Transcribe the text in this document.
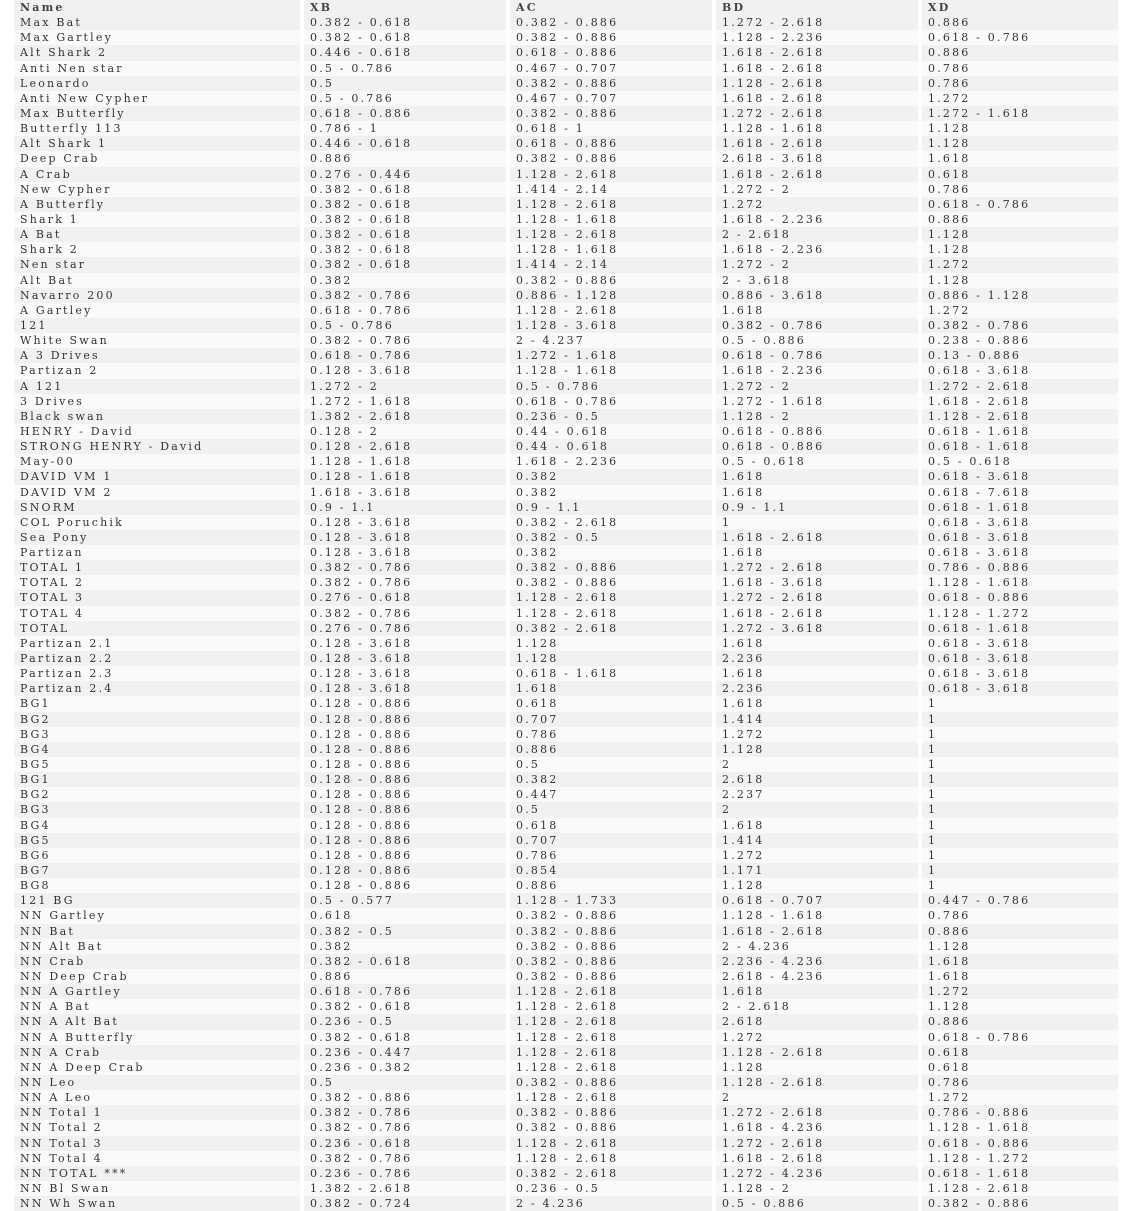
Name	XB	AC	BD	XD
Max Bat	0.382 - 0.618	0.382 - 0.886	1.272 - 2.618	0.886
Max Gartley	0.382 - 0.618	0.382 - 0.886	1.128 - 2.236	0.618 - 0.786
Alt Shark 2	0.446 - 0.618	0.618 - 0.886	1.618 - 2.618	0.886
Anti Nen star	0.5 - 0.786	0.467 - 0.707	1.618 - 2.618	0.786
Leonardo	0.5	0.382 - 0.886	1.128 - 2.618	0.786
Anti New Cypher	0.5 - 0.786	0.467 - 0.707	1.618 - 2.618	1.272
Max Butterfly	0.618 - 0.886	0.382 - 0.886	1.272 - 2.618	1.272 - 1.618
Butterfly 113	0.786 - 1	0.618 - 1	1.128 - 1.618	1.128
Alt Shark 1	0.446 - 0.618	0.618 - 0.886	1.618 - 2.618	1.128
Deep Crab	0.886	0.382 - 0.886	2.618 - 3.618	1.618
A Crab	0.276 - 0.446	1.128 - 2.618	1.618 - 2.618	0.618
New Cypher	0.382 - 0.618	1.414 - 2.14	1.272 - 2	0.786
A Butterfly	0.382 - 0.618	1.128 - 2.618	1.272	0.618 - 0.786
Shark 1	0.382 - 0.618	1.128 - 1.618	1.618 - 2.236	0.886
A Bat	0.382 - 0.618	1.128 - 2.618	2 - 2.618	1.128
Shark 2	0.382 - 0.618	1.128 - 1.618	1.618 - 2.236	1.128
Nen star	0.382 - 0.618	1.414 - 2.14	1.272 - 2	1.272
Alt Bat	0.382	0.382 - 0.886	2 - 3.618	1.128
Navarro 200	0.382 - 0.786	0.886 - 1.128	0.886 - 3.618	0.886 - 1.128
A Gartley	0.618 - 0.786	1.128 - 2.618	1.618	1.272
121	0.5 - 0.786	1.128 - 3.618	0.382 - 0.786	0.382 - 0.786
White Swan	0.382 - 0.786	2 - 4.237	0.5 - 0.886	0.238 - 0.886
A 3 Drives	0.618 - 0.786	1.272 - 1.618	0.618 - 0.786	0.13 - 0.886
Partizan 2	0.128 - 3.618	1.128 - 1.618	1.618 - 2.236	0.618 - 3.618
A 121	1.272 - 2	0.5 - 0.786	1.272 - 2	1.272 - 2.618
3 Drives	1.272 - 1.618	0.618 - 0.786	1.272 - 1.618	1.618 - 2.618
Black swan	1.382 - 2.618	0.236 - 0.5	1.128 - 2	1.128 - 2.618
HENRY - David	0.128 - 2	0.44 - 0.618	0.618 - 0.886	0.618 - 1.618
STRONG HENRY - David	0.128 - 2.618	0.44 - 0.618	0.618 - 0.886	0.618 - 1.618
May-00	1.128 - 1.618	1.618 - 2.236	0.5 - 0.618	0.5 - 0.618
DAVID VM 1	0.128 - 1.618	0.382	1.618	0.618 - 3.618
DAVID VM 2	1.618 - 3.618	0.382	1.618	0.618 - 7.618
SNORM	0.9 - 1.1	0.9 - 1.1	0.9 - 1.1	0.618 - 1.618
COL Poruchik	0.128 - 3.618	0.382 - 2.618	1	0.618 - 3.618
Sea Pony	0.128 - 3.618	0.382 - 0.5	1.618 - 2.618	0.618 - 3.618
Partizan	0.128 - 3.618	0.382	1.618	0.618 - 3.618
TOTAL 1	0.382 - 0.786	0.382 - 0.886	1.272 - 2.618	0.786 - 0.886
TOTAL 2	0.382 - 0.786	0.382 - 0.886	1.618 - 3.618	1.128 - 1.618
TOTAL 3	0.276 - 0.618	1.128 - 2.618	1.272 - 2.618	0.618 - 0.886
TOTAL 4	0.382 - 0.786	1.128 - 2.618	1.618 - 2.618	1.128 - 1.272
TOTAL	0.276 - 0.786	0.382 - 2.618	1.272 - 3.618	0.618 - 1.618
Partizan 2.1	0.128 - 3.618	1.128	1.618	0.618 - 3.618
Partizan 2.2	0.128 - 3.618	1.128	2.236	0.618 - 3.618
Partizan 2.3	0.128 - 3.618	0.618 - 1.618	1.618	0.618 - 3.618
Partizan 2.4	0.128 - 3.618	1.618	2.236	0.618 - 3.618
BG1	0.128 - 0.886	0.618	1.618	1
BG2	0.128 - 0.886	0.707	1.414	1
BG3	0.128 - 0.886	0.786	1.272	1
BG4	0.128 - 0.886	0.886	1.128	1
BG5	0.128 - 0.886	0.5	2	1
BG1	0.128 - 0.886	0.382	2.618	1
BG2	0.128 - 0.886	0.447	2.237	1
BG3	0.128 - 0.886	0.5	2	1
BG4	0.128 - 0.886	0.618	1.618	1
BG5	0.128 - 0.886	0.707	1.414	1
BG6	0.128 - 0.886	0.786	1.272	1
BG7	0.128 - 0.886	0.854	1.171	1
BG8	0.128 - 0.886	0.886	1.128	1
121 BG	0.5 - 0.577	1.128 - 1.733	0.618 - 0.707	0.447 - 0.786
NN Gartley	0.618	0.382 - 0.886	1.128 - 1.618	0.786
NN Bat	0.382 - 0.5	0.382 - 0.886	1.618 - 2.618	0.886
NN Alt Bat	0.382	0.382 - 0.886	2 - 4.236	1.128
NN Crab	0.382 - 0.618	0.382 - 0.886	2.236 - 4.236	1.618
NN Deep Crab	0.886	0.382 - 0.886	2.618 - 4.236	1.618
NN A Gartley	0.618 - 0.786	1.128 - 2.618	1.618	1.272
NN A Bat	0.382 - 0.618	1.128 - 2.618	2 - 2.618	1.128
NN A Alt Bat	0.236 - 0.5	1.128 - 2.618	2.618	0.886
NN A Butterfly	0.382 - 0.618	1.128 - 2.618	1.272	0.618 - 0.786
NN A Crab	0.236 - 0.447	1.128 - 2.618	1.128 - 2.618	0.618
NN A Deep Crab	0.236 - 0.382	1.128 - 2.618	1.128	0.618
NN Leo	0.5	0.382 - 0.886	1.128 - 2.618	0.786
NN A Leo	0.382 - 0.886	1.128 - 2.618	2	1.272
NN Total 1	0.382 - 0.786	0.382 - 0.886	1.272 - 2.618	0.786 - 0.886
NN Total 2	0.382 - 0.786	0.382 - 0.886	1.618 - 4.236	1.128 - 1.618
NN Total 3	0.236 - 0.618	1.128 - 2.618	1.272 - 2.618	0.618 - 0.886
NN Total 4	0.382 - 0.786	1.128 - 2.618	1.618 - 2.618	1.128 - 1.272
NN TOTAL ***	0.236 - 0.786	0.382 - 2.618	1.272 - 4.236	0.618 - 1.618
NN Bl Swan	1.382 - 2.618	0.236 - 0.5	1.128 - 2	1.128 - 2.618
NN Wh Swan	0.382 - 0.724	2 - 4.236	0.5 - 0.886	0.382 - 0.886
